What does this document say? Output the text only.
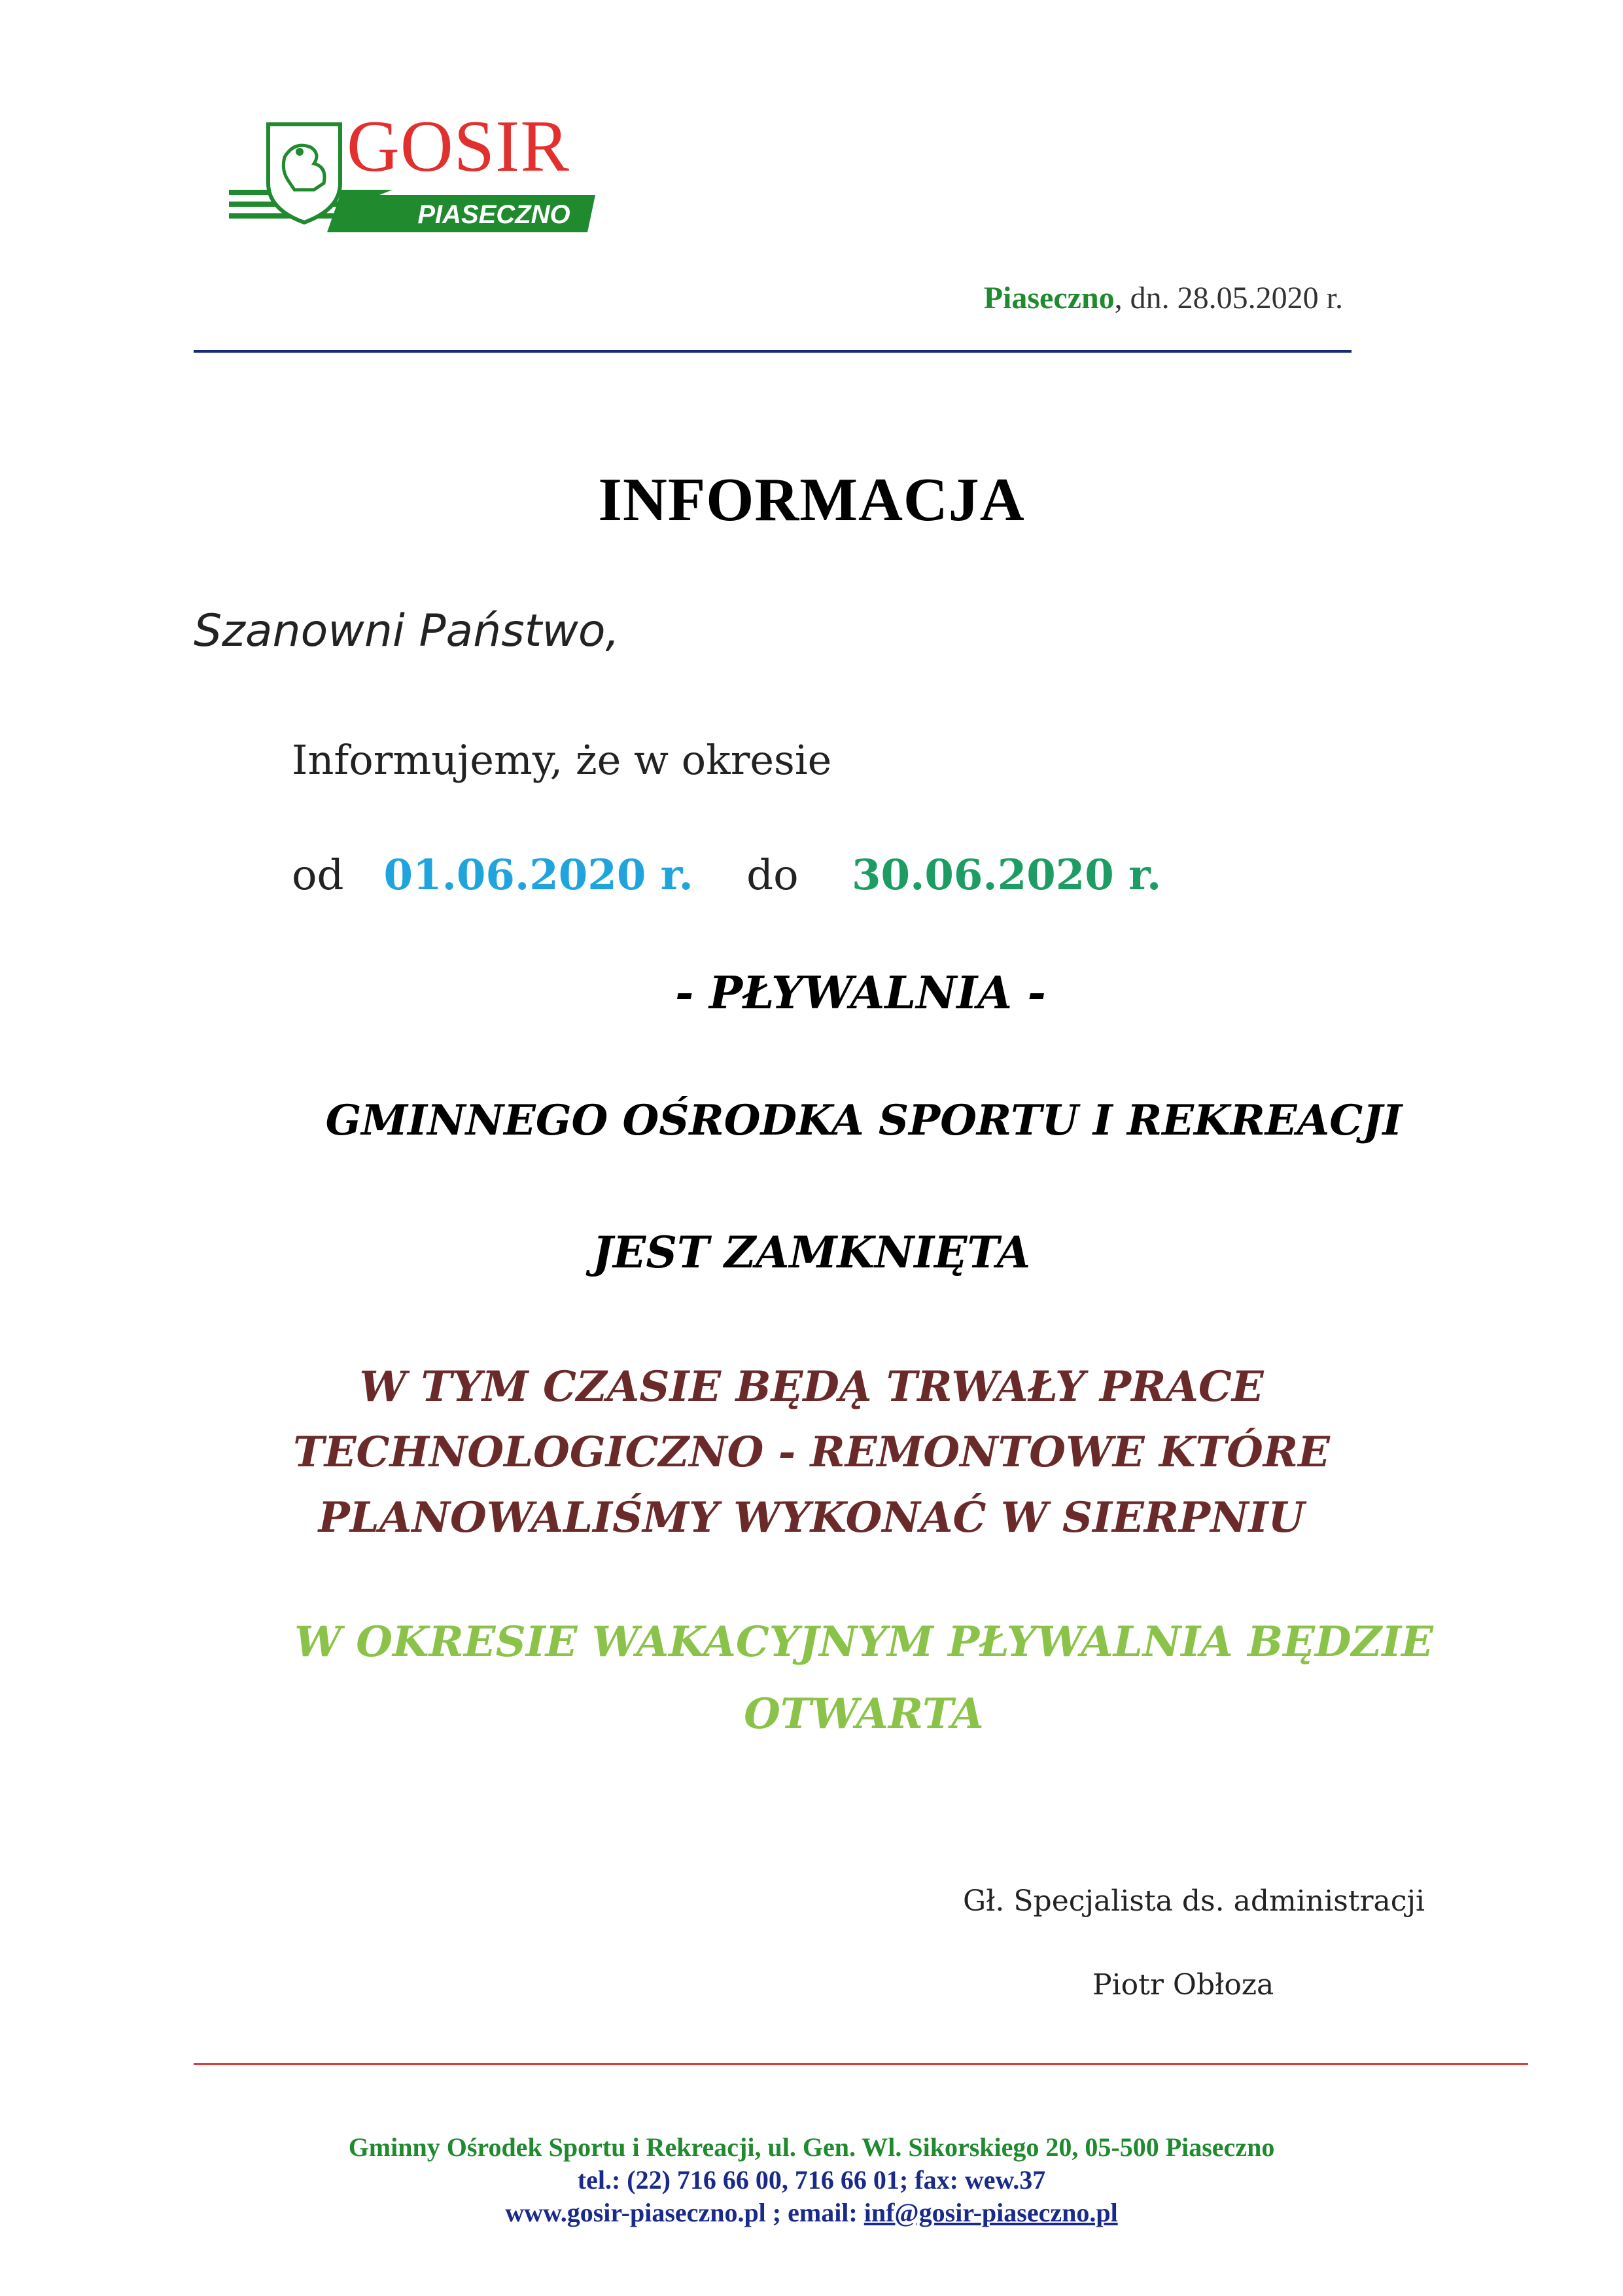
GOSIR
PIASECZNO
Piaseczno, dn. 28.05.2020 r.
INFORMACJA
Szanowni Państwo,
Informujemy, że w okresie
od 01.06.2020 r. do 30.06.2020 r.
- PŁYWALNIA -
GMINNEGO OŚRODKA SPORTU I REKREACJI
JEST ZAMKNIĘTA
W TYM CZASIE BĘDĄ TRWAŁY PRACE
TECHNOLOGICZNO - REMONTOWE KTÓRE
PLANOWALIŚMY WYKONAĆ W SIERPNIU
W OKRESIE WAKACYJNYM PŁYWALNIA BĘDZIE
OTWARTA
Gł. Specjalista ds. administracji
Piotr Obłoza
Gminny Ośrodek Sportu i Rekreacji, ul. Gen. Wl. Sikorskiego 20, 05-500 Piaseczno
tel.: (22) 716 66 00, 716 66 01; fax: wew.37
www.gosir-piaseczno.pl ; email: inf@gosir-piaseczno.pl
